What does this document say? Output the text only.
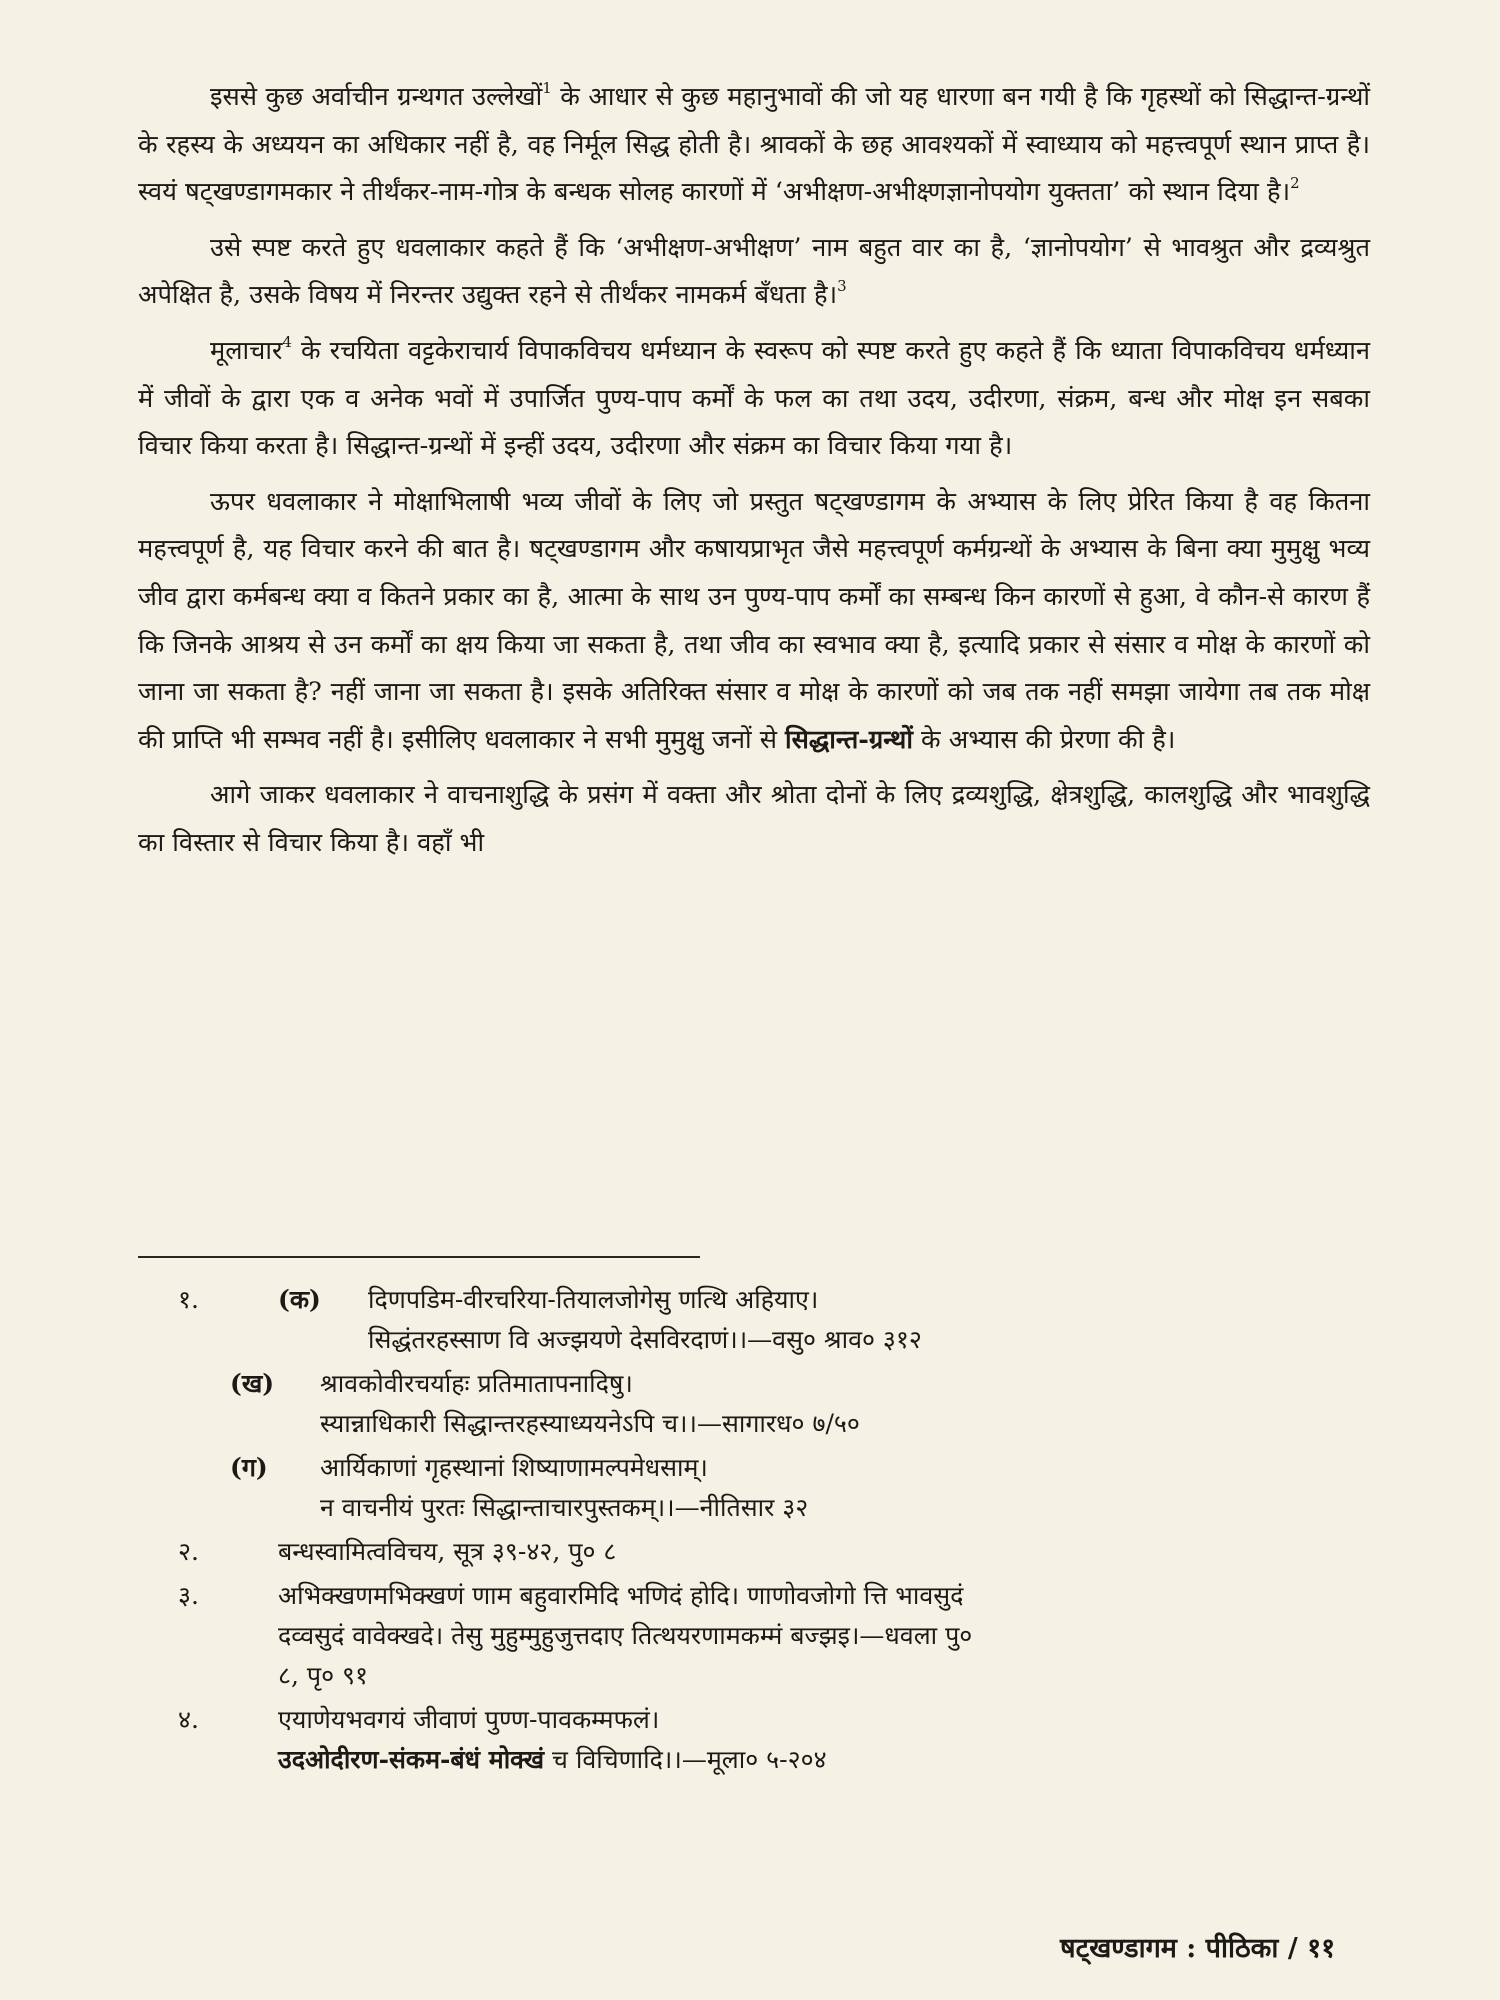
इससे कुछ अर्वाचीन ग्रन्थगत उल्लेखों$^1$ के आधार से कुछ महानुभावों की जो यह धारणा बन गयी है कि गृहस्थों को सिद्धान्त-ग्रन्थों के रहस्य के अध्ययन का अधिकार नहीं है, वह निर्मूल सिद्ध होती है। श्रावकों के छह आवश्यकों में स्वाध्याय को महत्त्वपूर्ण स्थान प्राप्त है। स्वयं षट्खण्डागमकार ने तीर्थंकर-नाम-गोत्र के बन्धक सोलह कारणों में ‘अभीक्षण-अभीक्ष्णज्ञानोपयोग युक्तता’ को स्थान दिया है।$^2$

उसे स्पष्ट करते हुए धवलाकार कहते हैं कि ‘अभीक्षण-अभीक्षण’ नाम बहुत वार का है, ‘ज्ञानोपयोग’ से भावश्रुत और द्रव्यश्रुत अपेक्षित है, उसके विषय में निरन्तर उद्युक्त रहने से तीर्थंकर नामकर्म बँधता है।$^3$

मूलाचार$^4$ के रचयिता वट्टकेराचार्य विपाकविचय धर्मध्यान के स्वरूप को स्पष्ट करते हुए कहते हैं कि ध्याता विपाकविचय धर्मध्यान में जीवों के द्वारा एक व अनेक भवों में उपार्जित पुण्य-पाप कर्मों के फल का तथा उदय, उदीरणा, संक्रम, बन्ध और मोक्ष इन सबका विचार किया करता है। सिद्धान्त-ग्रन्थों में इन्हीं उदय, उदीरणा और संक्रम का विचार किया गया है।

ऊपर धवलाकार ने मोक्षाभिलाषी भव्य जीवों के लिए जो प्रस्तुत षट्खण्डागम के अभ्यास के लिए प्रेरित किया है वह कितना महत्त्वपूर्ण है, यह विचार करने की बात है। षट्खण्डागम और कषायप्राभृत जैसे महत्त्वपूर्ण कर्मग्रन्थों के अभ्यास के बिना क्या मुमुक्षु भव्य जीव द्वारा कर्मबन्ध क्या व कितने प्रकार का है, आत्मा के साथ उन पुण्य-पाप कर्मों का सम्बन्ध किन कारणों से हुआ, वे कौन-से कारण हैं कि जिनके आश्रय से उन कर्मों का क्षय किया जा सकता है, तथा जीव का स्वभाव क्या है, इत्यादि प्रकार से संसार व मोक्ष के कारणों को जाना जा सकता है? नहीं जाना जा सकता है। इसके अतिरिक्त संसार व मोक्ष के कारणों को जब तक नहीं समझा जायेगा तब तक मोक्ष की प्राप्ति भी सम्भव नहीं है। इसीलिए धवलाकार ने सभी मुमुक्षु जनों से सिद्धान्त-ग्रन्थों के अभ्यास की प्रेरणा की है।

आगे जाकर धवलाकार ने वाचनाशुद्धि के प्रसंग में वक्ता और श्रोता दोनों के लिए द्रव्यशुद्धि, क्षेत्रशुद्धि, कालशुद्धि और भावशुद्धि का विस्तार से विचार किया है। वहाँ भी

१.	(क) दिणपडिम-वीरचरिया-तियालजोगेसु णत्थि अहियाए।
सिद्धंतरहस्साण वि अज्झयणे देसविरदाणं।।—वसु० श्राव० ३१२
(ख) श्रावकोवीरचर्याहः प्रतिमातापनादिषु।
स्यान्नाधिकारी सिद्धान्तरहस्याध्ययनेऽपि च।।—सागारध० ७/५०
(ग) आर्यिकाणां गृहस्थानां शिष्याणामल्पमेधसाम्।
न वाचनीयं पुरतः सिद्धान्ताचारपुस्तकम्।।—नीतिसार ३२
२.	बन्धस्वामित्वविचय, सूत्र ३९-४२, पु० ८
३.	अभिक्खणमभिक्खणं णाम बहुवारमिदि भणिदं होदि। णाणोवजोगो त्ति भावसुदं
दव्वसुदं वावेक्खदे। तेसु मुहुम्मुहुजुत्तदाए तित्थयरणामकम्मं बज्झइ।—धवला पु०
८, पृ० ९१
४.	एयाणेयभवगयं जीवाणं पुण्ण-पावकम्मफलं।
उदओदीरण-संकम-बंधं मोक्खं च विचिणादि।।—मूला० ५-२०४
षट्खण्डागम : पीठिका / ११
